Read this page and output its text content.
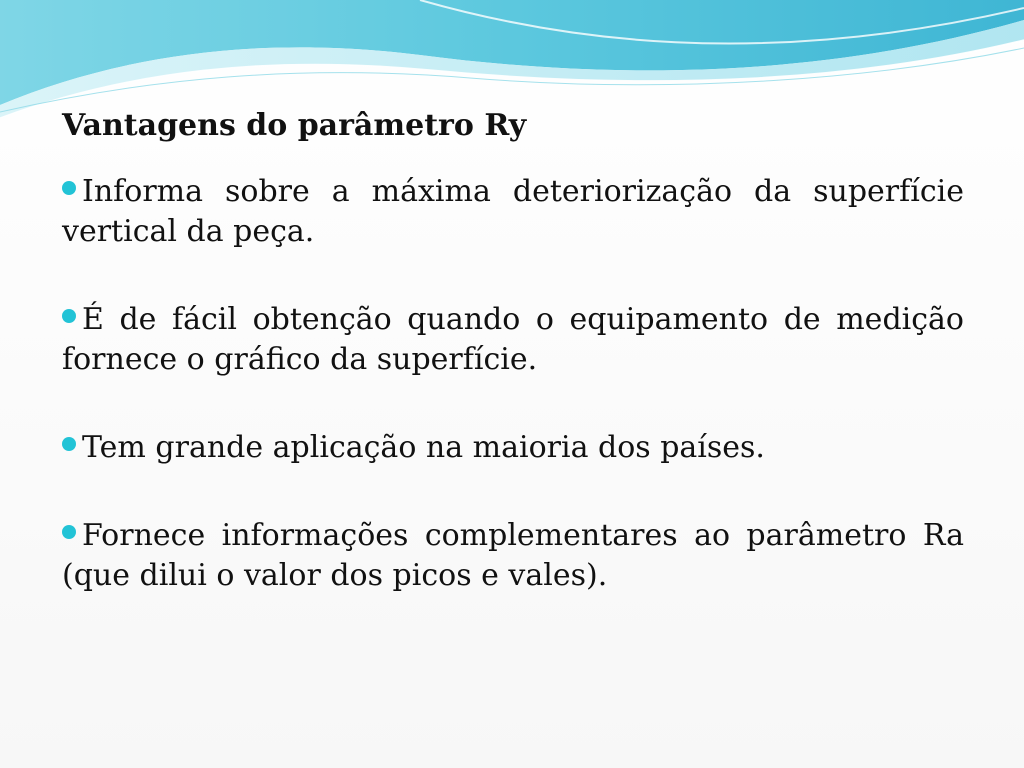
Vantagens do parâmetro Ry
Informa sobre a máxima deteriorização da superfície vertical da peça.
É de fácil obtenção quando o equipamento de medição fornece o gráfico da superfície.
Tem grande aplicação na maioria dos países.
Fornece informações complementares ao parâmetro Ra (que dilui o valor dos picos e vales).
